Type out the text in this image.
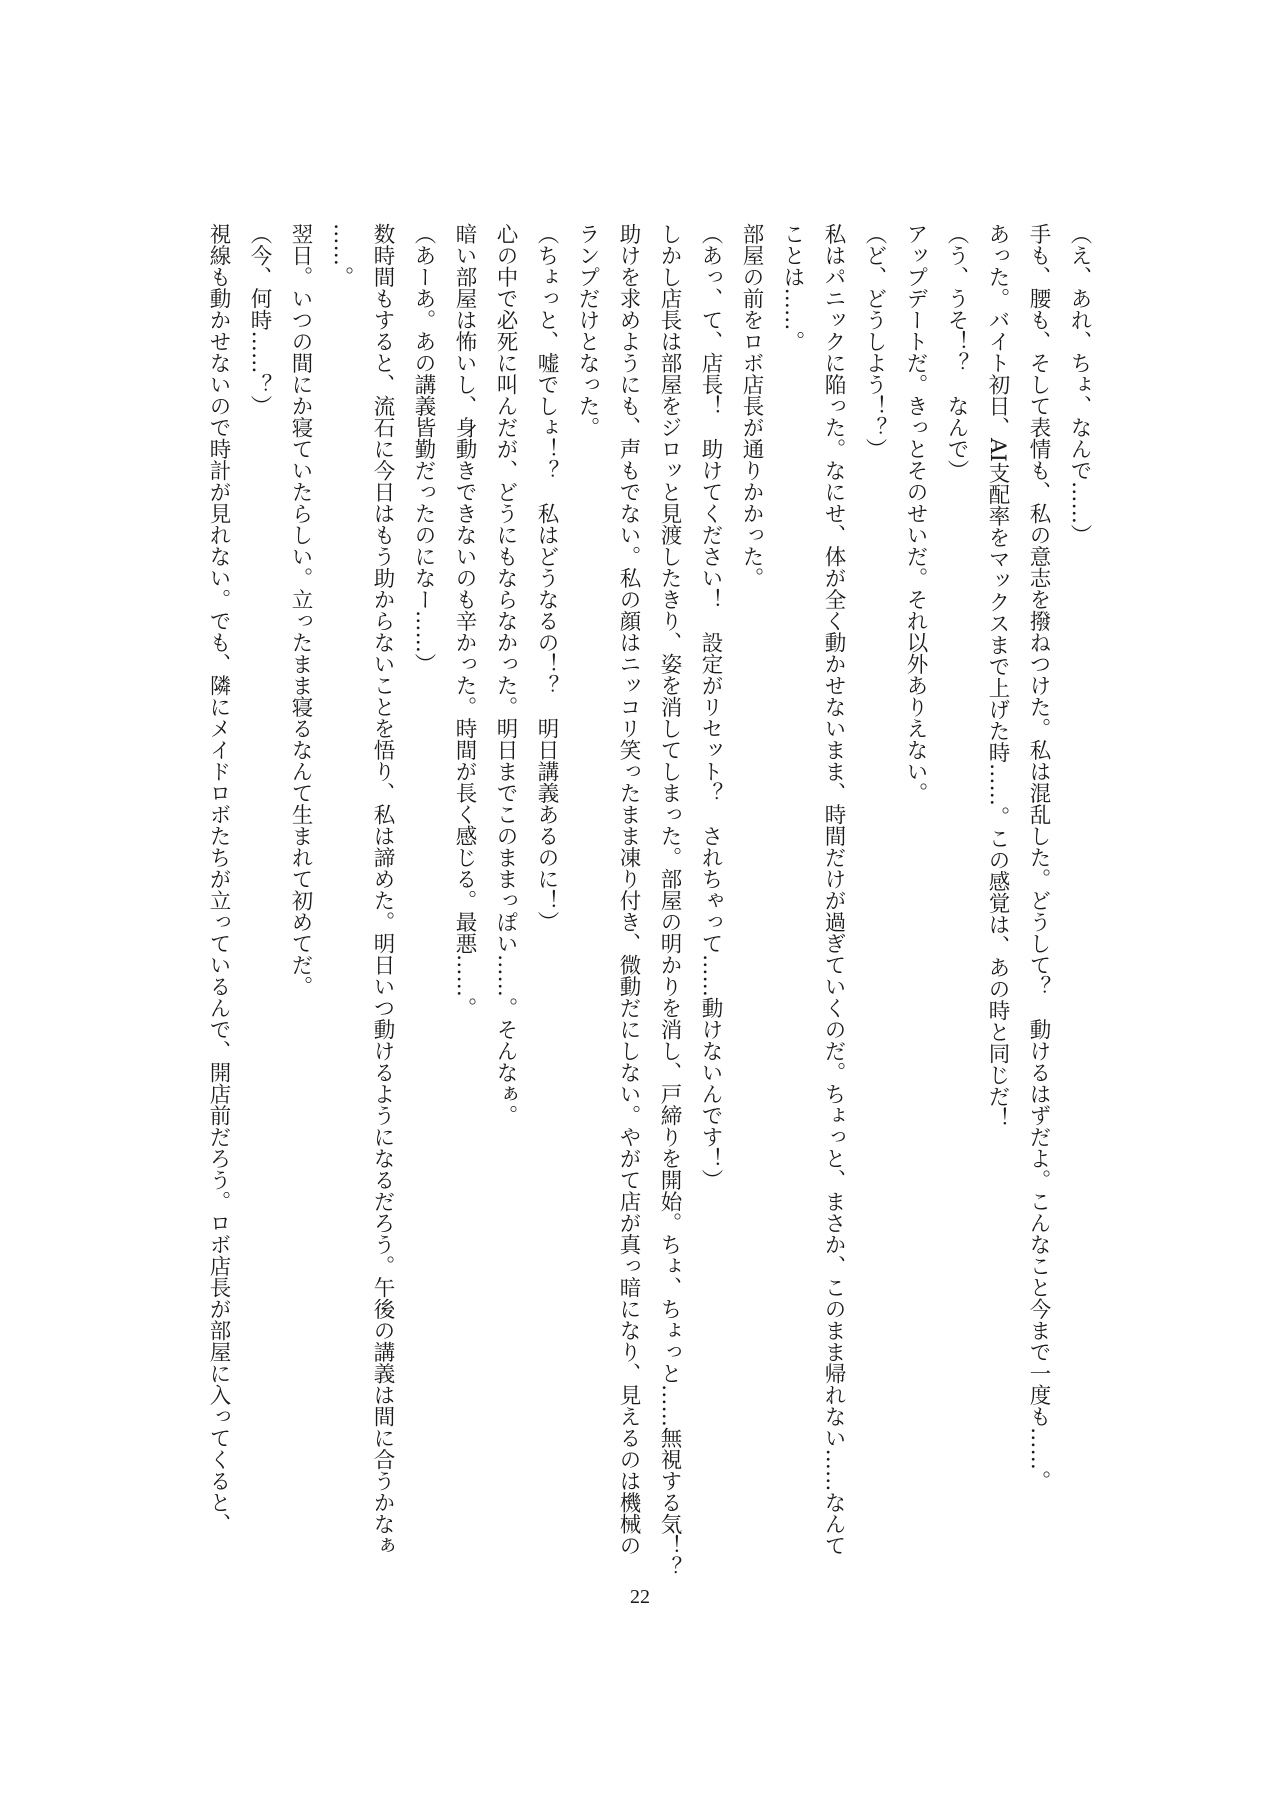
（え、あれ、ちょ、なんで……）
手も、腰も、そして表情も、私の意志を撥ねつけた。私は混乱した。どうして？　動けるはずだよ。こんなこと今まで一度も……。
あった。バイト初日、AI支配率をマックスまで上げた時……。この感覚は、あの時と同じだ！
（う、うそ！？　なんで）
アップデートだ。きっとそのせいだ。それ以外ありえない。
（ど、どうしよう！？）
私はパニックに陥った。なにせ、体が全く動かせないまま、時間だけが過ぎていくのだ。ちょっと、まさか、このまま帰れない……なんて
ことは……。
部屋の前をロボ店長が通りかかった。
（あっ、て、店長！　助けてください！　設定がリセット？　されちゃって……動けないんです！）
しかし店長は部屋をジロッと見渡したきり、姿を消してしまった。部屋の明かりを消し、戸締りを開始。ちょ、ちょっと……無視する気！？
助けを求めようにも、声もでない。私の顔はニッコリ笑ったまま凍り付き、微動だにしない。やがて店が真っ暗になり、見えるのは機械の
ランプだけとなった。
（ちょっと、嘘でしょ！？　私はどうなるの！？　明日講義あるのに！）
心の中で必死に叫んだが、どうにもならなかった。明日までこのままっぽい……。そんなぁ。
暗い部屋は怖いし、身動きできないのも辛かった。時間が長く感じる。最悪……。
（あーあ。あの講義皆勤だったのになー……）
数時間もすると、流石に今日はもう助からないことを悟り、私は諦めた。明日いつ動けるようになるだろう。午後の講義は間に合うかなぁ
……。
翌日。いつの間にか寝ていたらしい。立ったまま寝るなんて生まれて初めてだ。
（今、何時……？）
視線も動かせないので時計が見れない。でも、隣にメイドロボたちが立っているんで、開店前だろう。ロボ店長が部屋に入ってくると、
22
